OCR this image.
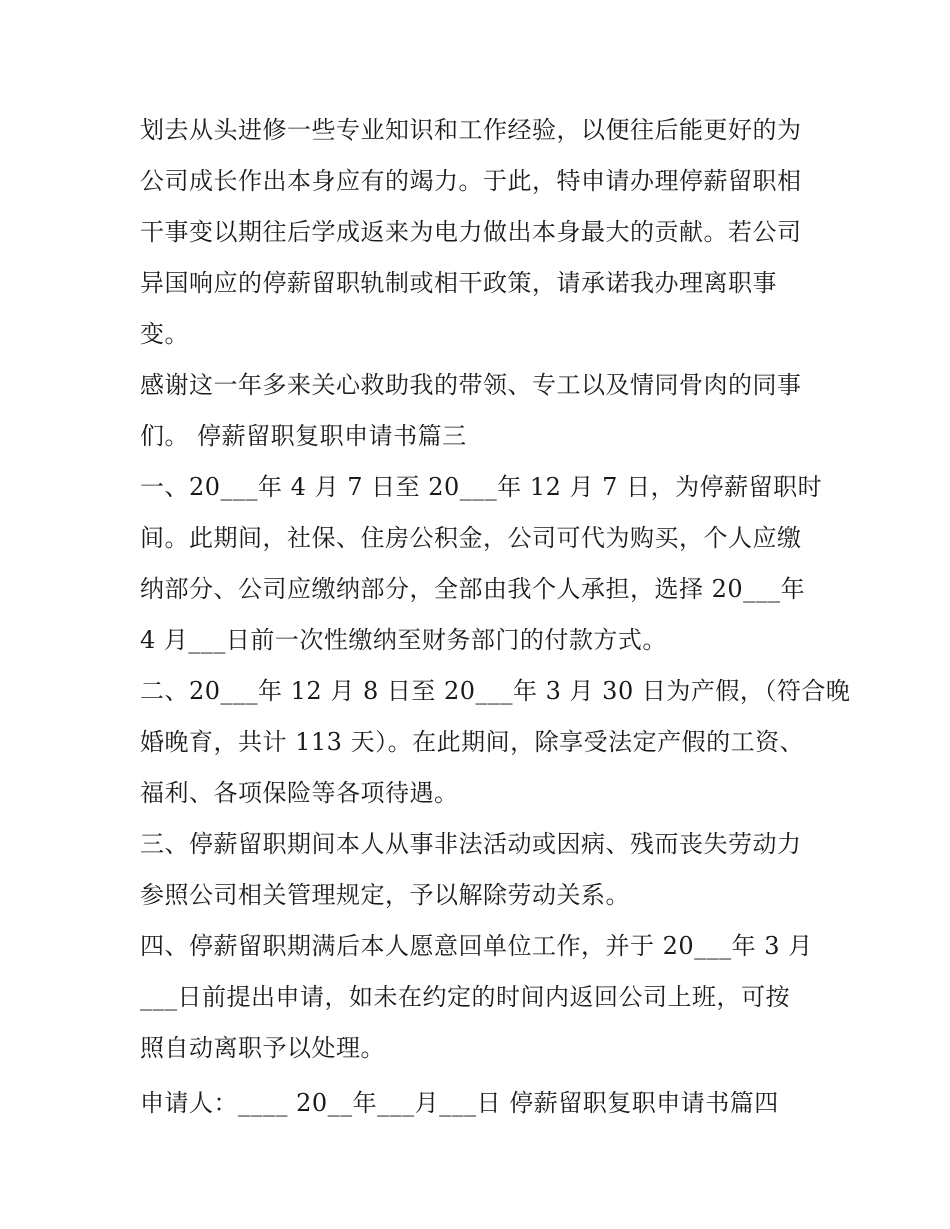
划去从头进修一些专业知识和工作经验，以便往后能更好的为
公司成长作出本身应有的竭力。于此，特申请办理停薪留职相
干事变以期往后学成返来为电力做出本身最大的贡献。若公司
异国响应的停薪留职轨制或相干政策，请承诺我办理离职事
变。

感谢这一年多来关心救助我的带领、专工以及情同骨肉的同事
们。 停薪留职复职申请书篇三

一、20___年 4 月 7 日至 20___年 12 月 7 日，为停薪留职时
间。此期间，社保、住房公积金，公司可代为购买，个人应缴
纳部分、公司应缴纳部分，全部由我个人承担，选择 20___年
4 月___日前一次性缴纳至财务部门的付款方式。

二、20___年 12 月 8 日至 20___年 3 月 30 日为产假，（符合晚
婚晚育，共计 113 天）。在此期间，除享受法定产假的工资、
福利、各项保险等各项待遇。

三、停薪留职期间本人从事非法活动或因病、残而丧失劳动力
参照公司相关管理规定，予以解除劳动关系。

四、停薪留职期满后本人愿意回单位工作，并于 20___年 3 月
___日前提出申请，如未在约定的时间内返回公司上班，可按
照自动离职予以处理。

申请人：____ 20__年___月___日 停薪留职复职申请书篇四
